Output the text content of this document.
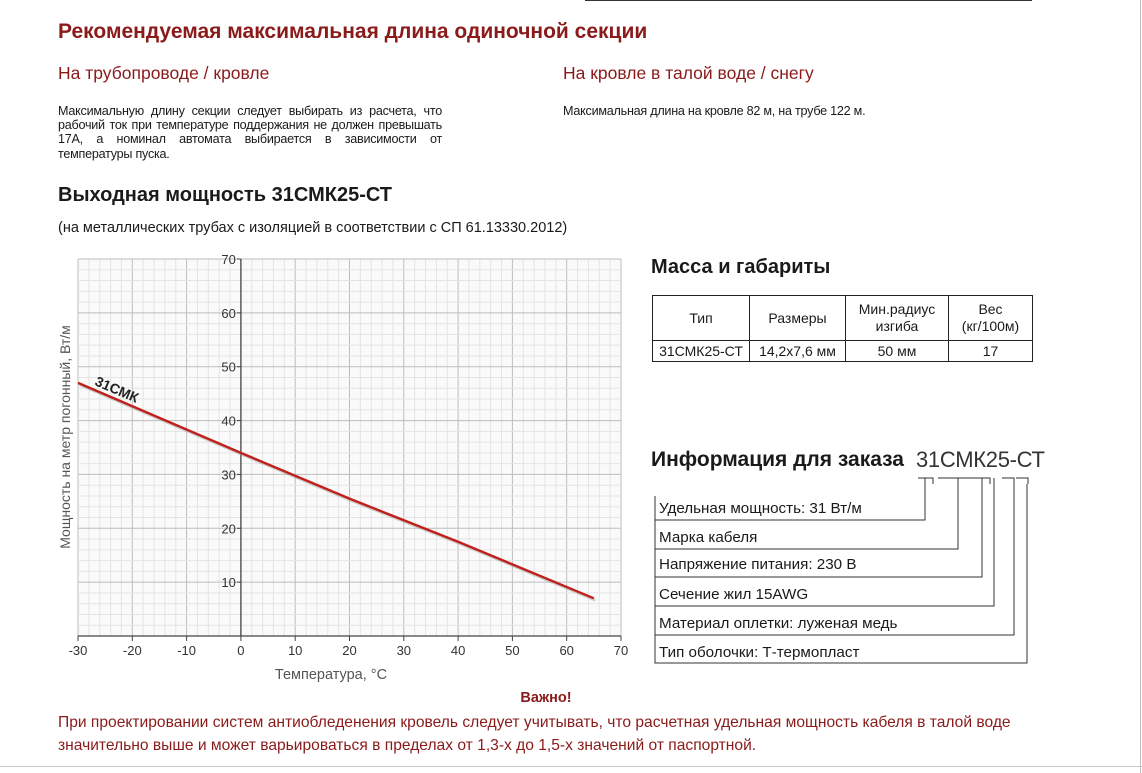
Рекомендуемая максимальная длина одиночной секции
На трубопроводе / кровле	На кровле в талой воде / снегу
Максимальную длину секции следует выбирать из расчета, что рабочий ток при температуре поддержания не должен превышать 17А, а номинал автомата выбирается в зависимости от температуры пуска.
Максимальная длина на кровле 82 м, на трубе 122 м.
Выходная мощность 31СМК25-СТ
(на металлических трубах с изоляцией в соответствии с СП 61.13330.2012)
-30	-20	-10	0	10	20	30	40	50	60	70
10
20
30
40
50
60
70
31СМК
Температура, °С
Мощность на метр погонный, Вт/м
Масса и габариты
Тип	Размеры	Мин.радиус изгиба	Вес (кг/100м)
31СМК25-СТ	14,2х7,6 мм	50 мм	17
Информация для заказа 31СМК25-СТ
Удельная мощность: 31 Вт/м
Марка кабеля
Напряжение питания: 230 В
Сечение жил 15AWG
Материал оплетки: луженая медь
Тип оболочки: Т-термопласт
Важно!
При проектировании систем антиобледенения кровель следует учитывать, что расчетная удельная мощность кабеля в талой воде значительно выше и может варьироваться в пределах от 1,3-х до 1,5-х значений от паспортной.
